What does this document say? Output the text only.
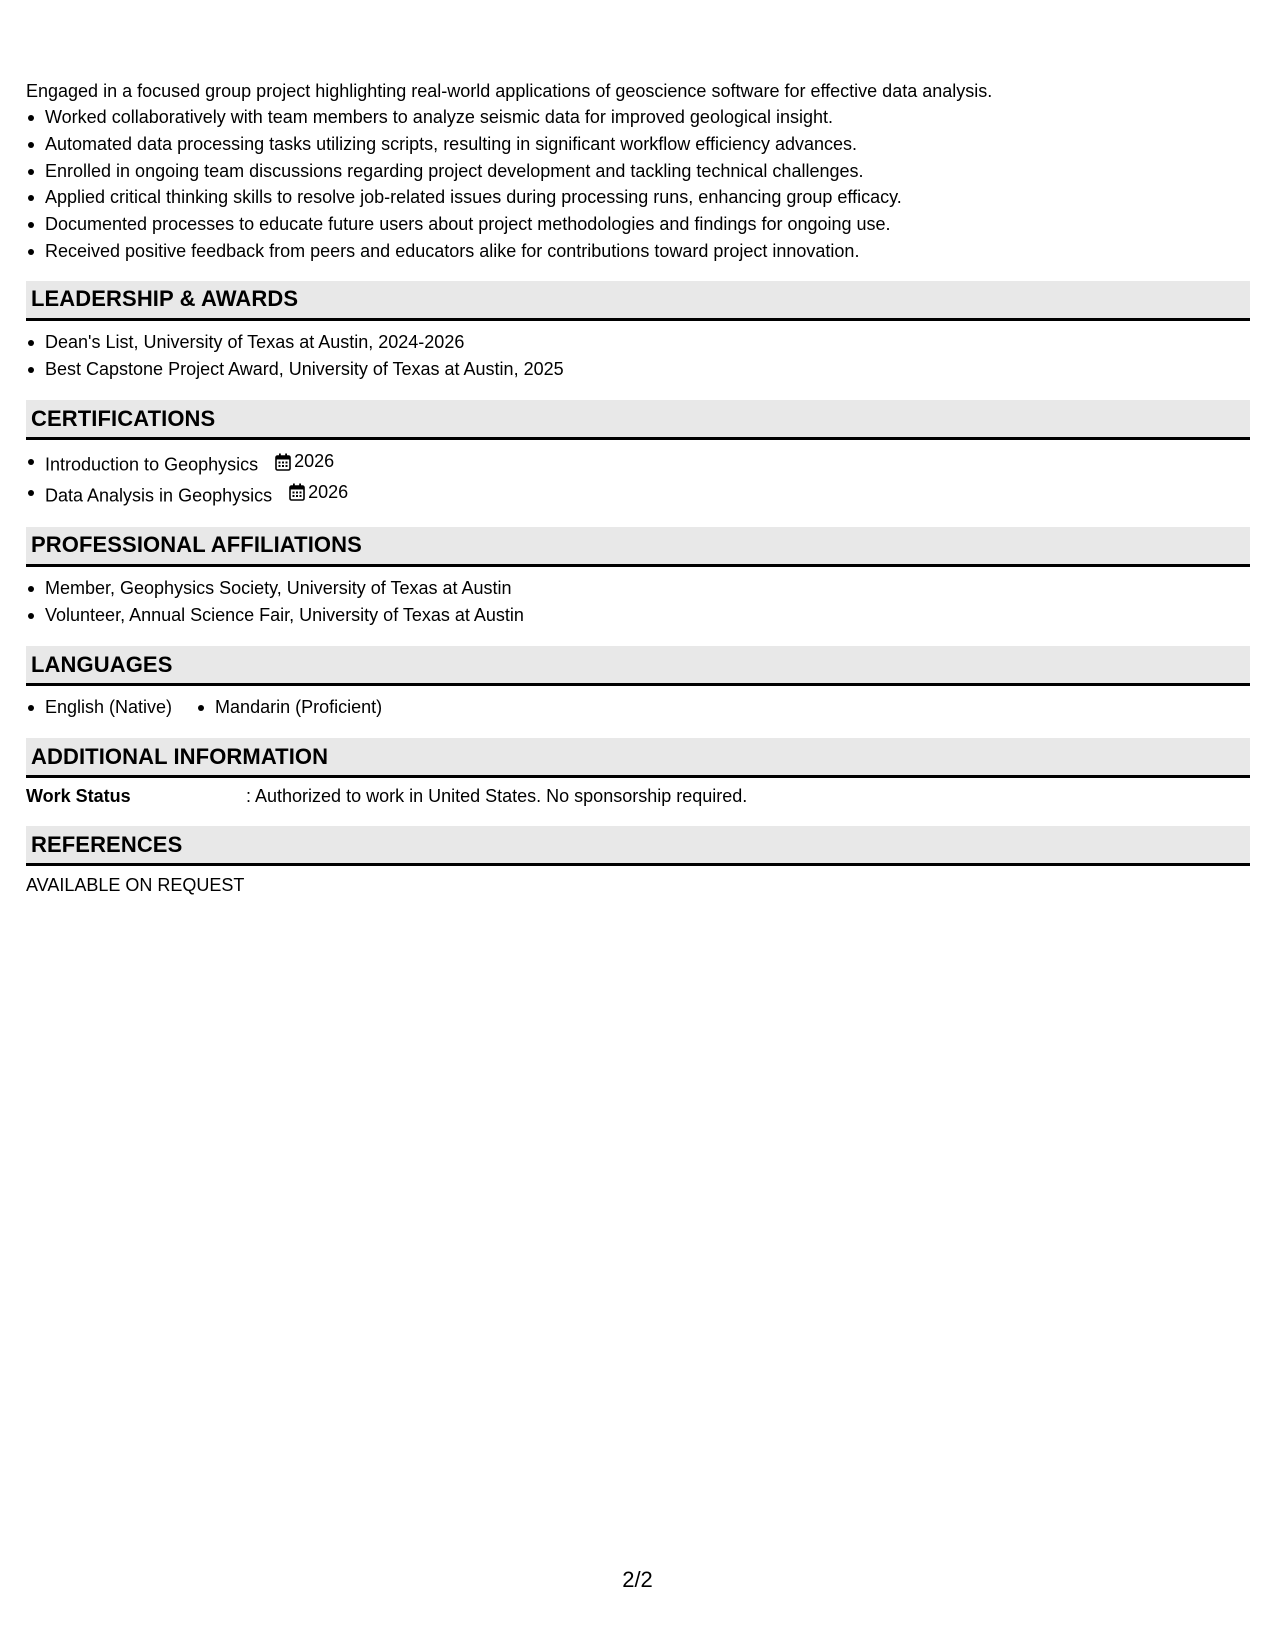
Engaged in a focused group project highlighting real-world applications of geoscience software for effective data analysis.

Worked collaboratively with team members to analyze seismic data for improved geological insight.
Automated data processing tasks utilizing scripts, resulting in significant workflow efficiency advances.
Enrolled in ongoing team discussions regarding project development and tackling technical challenges.
Applied critical thinking skills to resolve job-related issues during processing runs, enhancing group efficacy.
Documented processes to educate future users about project methodologies and findings for ongoing use.
Received positive feedback from peers and educators alike for contributions toward project innovation.
LEADERSHIP & AWARDS
Dean's List, University of Texas at Austin, 2024-2026
Best Capstone Project Award, University of Texas at Austin, 2025
CERTIFICATIONS
Introduction to Geophysics 2026
Data Analysis in Geophysics 2026
PROFESSIONAL AFFILIATIONS
Member, Geophysics Society, University of Texas at Austin
Volunteer, Annual Science Fair, University of Texas at Austin
LANGUAGES
English (Native)	Mandarin (Proficient)
ADDITIONAL INFORMATION
Work Status	: Authorized to work in United States. No sponsorship required.
REFERENCES
AVAILABLE ON REQUEST
2/2
